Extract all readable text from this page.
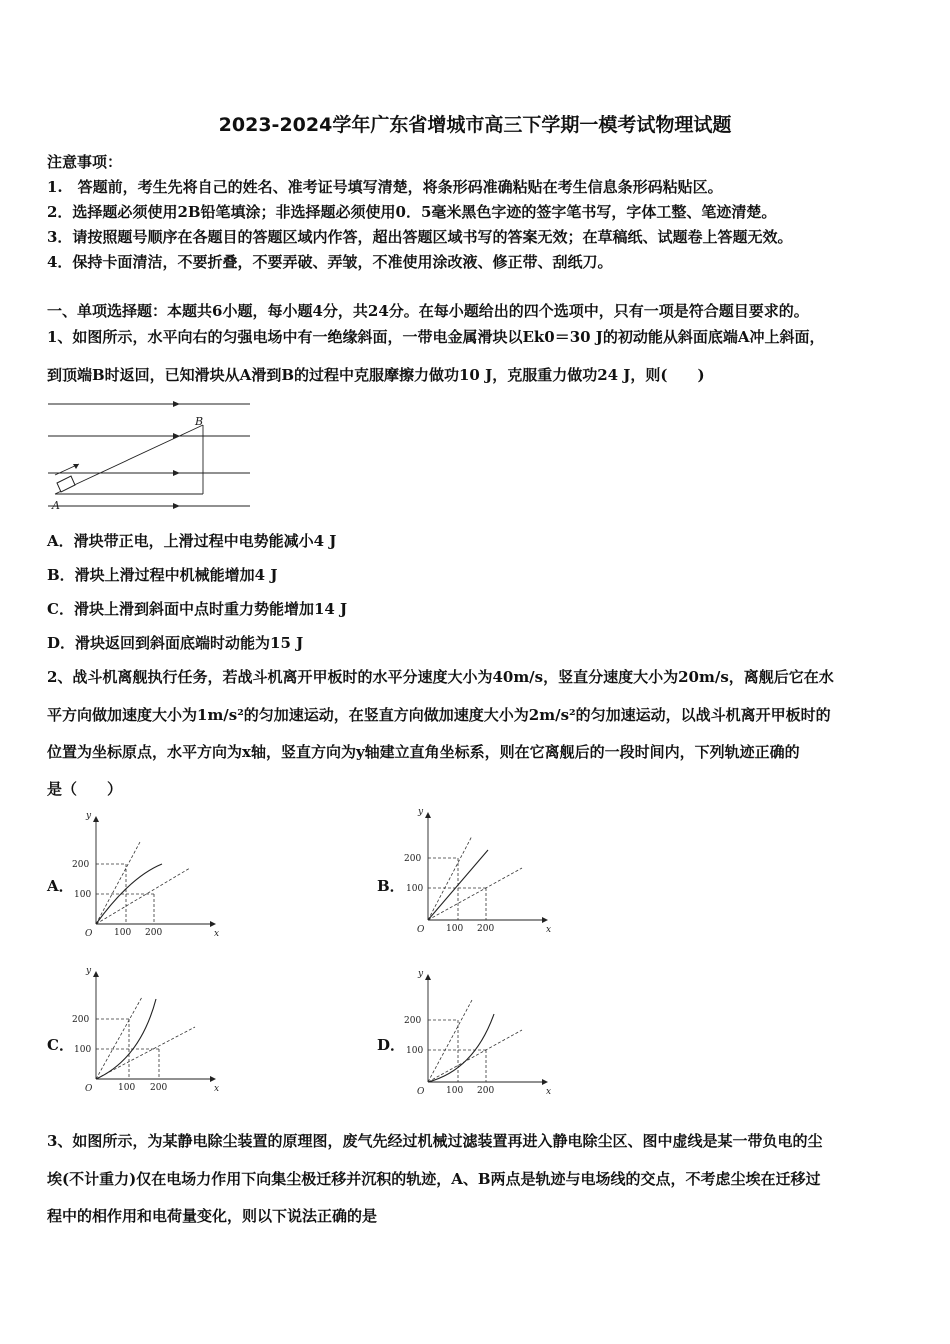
2023-2024学年广东省增城市高三下学期一模考试物理试题
注意事项：
1.　答题前，考生先将自己的姓名、准考证号填写清楚，将条形码准确粘贴在考生信息条形码粘贴区。
2．选择题必须使用2B铅笔填涂；非选择题必须使用0．5毫米黑色字迹的签字笔书写，字体工整、笔迹清楚。
3．请按照题号顺序在各题目的答题区域内作答，超出答题区域书写的答案无效；在草稿纸、试题卷上答题无效。
4．保持卡面清洁，不要折叠，不要弄破、弄皱，不准使用涂改液、修正带、刮纸刀。
一、单项选择题：本题共6小题，每小题4分，共24分。在每小题给出的四个选项中，只有一项是符合题目要求的。
1、如图所示，水平向右的匀强电场中有一绝缘斜面，一带电金属滑块以Ek0＝30 J的初动能从斜面底端A冲上斜面，
到顶端B时返回，已知滑块从A滑到B的过程中克服摩擦力做功10 J，克服重力做功24 J，则(　　)
B
A
A．滑块带正电，上滑过程中电势能减小4 J
B．滑块上滑过程中机械能增加4 J
C．滑块上滑到斜面中点时重力势能增加14 J
D．滑块返回到斜面底端时动能为15 J
2、战斗机离舰执行任务，若战斗机离开甲板时的水平分速度大小为40m/s，竖直分速度大小为20m/s，离舰后它在水
平方向做加速度大小为1m/s²的匀加速运动，在竖直方向做加速度大小为2m/s²的匀加速运动，以战斗机离开甲板时的
位置为坐标原点，水平方向为x轴，竖直方向为y轴建立直角坐标系，则在它离舰后的一段时间内，下列轨迹正确的
是（　　）
A．
y
x
O
200
100
100 200
B．
y
x
O
200
100
100 200
C．
y
x
O
200
100
100 200
D．
y
x
O
200
100
100 200
3、如图所示，为某静电除尘装置的原理图，废气先经过机械过滤装置再进入静电除尘区、图中虚线是某一带负电的尘
埃(不计重力)仅在电场力作用下向集尘极迁移并沉积的轨迹，A、B两点是轨迹与电场线的交点，不考虑尘埃在迁移过
程中的相作用和电荷量变化，则以下说法正确的是
